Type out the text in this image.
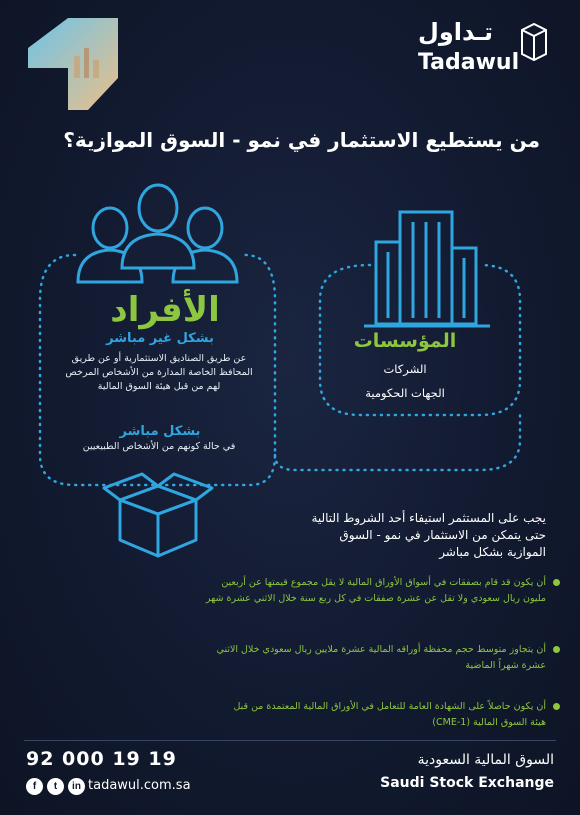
تـداول
Tadawul
من يستطيع الاستثمار في نمو - السوق الموازية؟
الأفراد
بشكل غير مباشر
عن طريق الصناديق الاستثمارية أو عن طريق
المحافظ الخاصة المدارة من الأشخاص المرخص
لهم من قبل هيئة السوق المالية
بشكل مباشر
في حالة كونهم من الأشخاص الطبيعيين
المؤسسات
الشركات
الجهات الحكومية
يجب على المستثمر استيفاء أحد الشروط التالية
حتى يتمكن من الاستثمار في نمو - السوق
الموازية بشكل مباشر
أن يكون قد قام بصفقات في أسواق الأوراق المالية لا يقل مجموع قيمتها عن أربعين
مليون ريال سعودي ولا تقل عن عشرة صفقات في كل ربع سنة خلال الاثني عشرة شهر
أن يتجاوز متوسط حجم محفظة أوراقه المالية عشرة ملايين ريال سعودي خلال الاثني
عشرة شهراً الماضية
أن يكون حاصلاً على الشهادة العامة للتعامل في الأوراق المالية المعتمدة من قبل
هيئة السوق المالية (CME-1)
92 000 19 19
f	t	in tadawul.com.sa
السوق المالية السعودية
Saudi Stock Exchange
